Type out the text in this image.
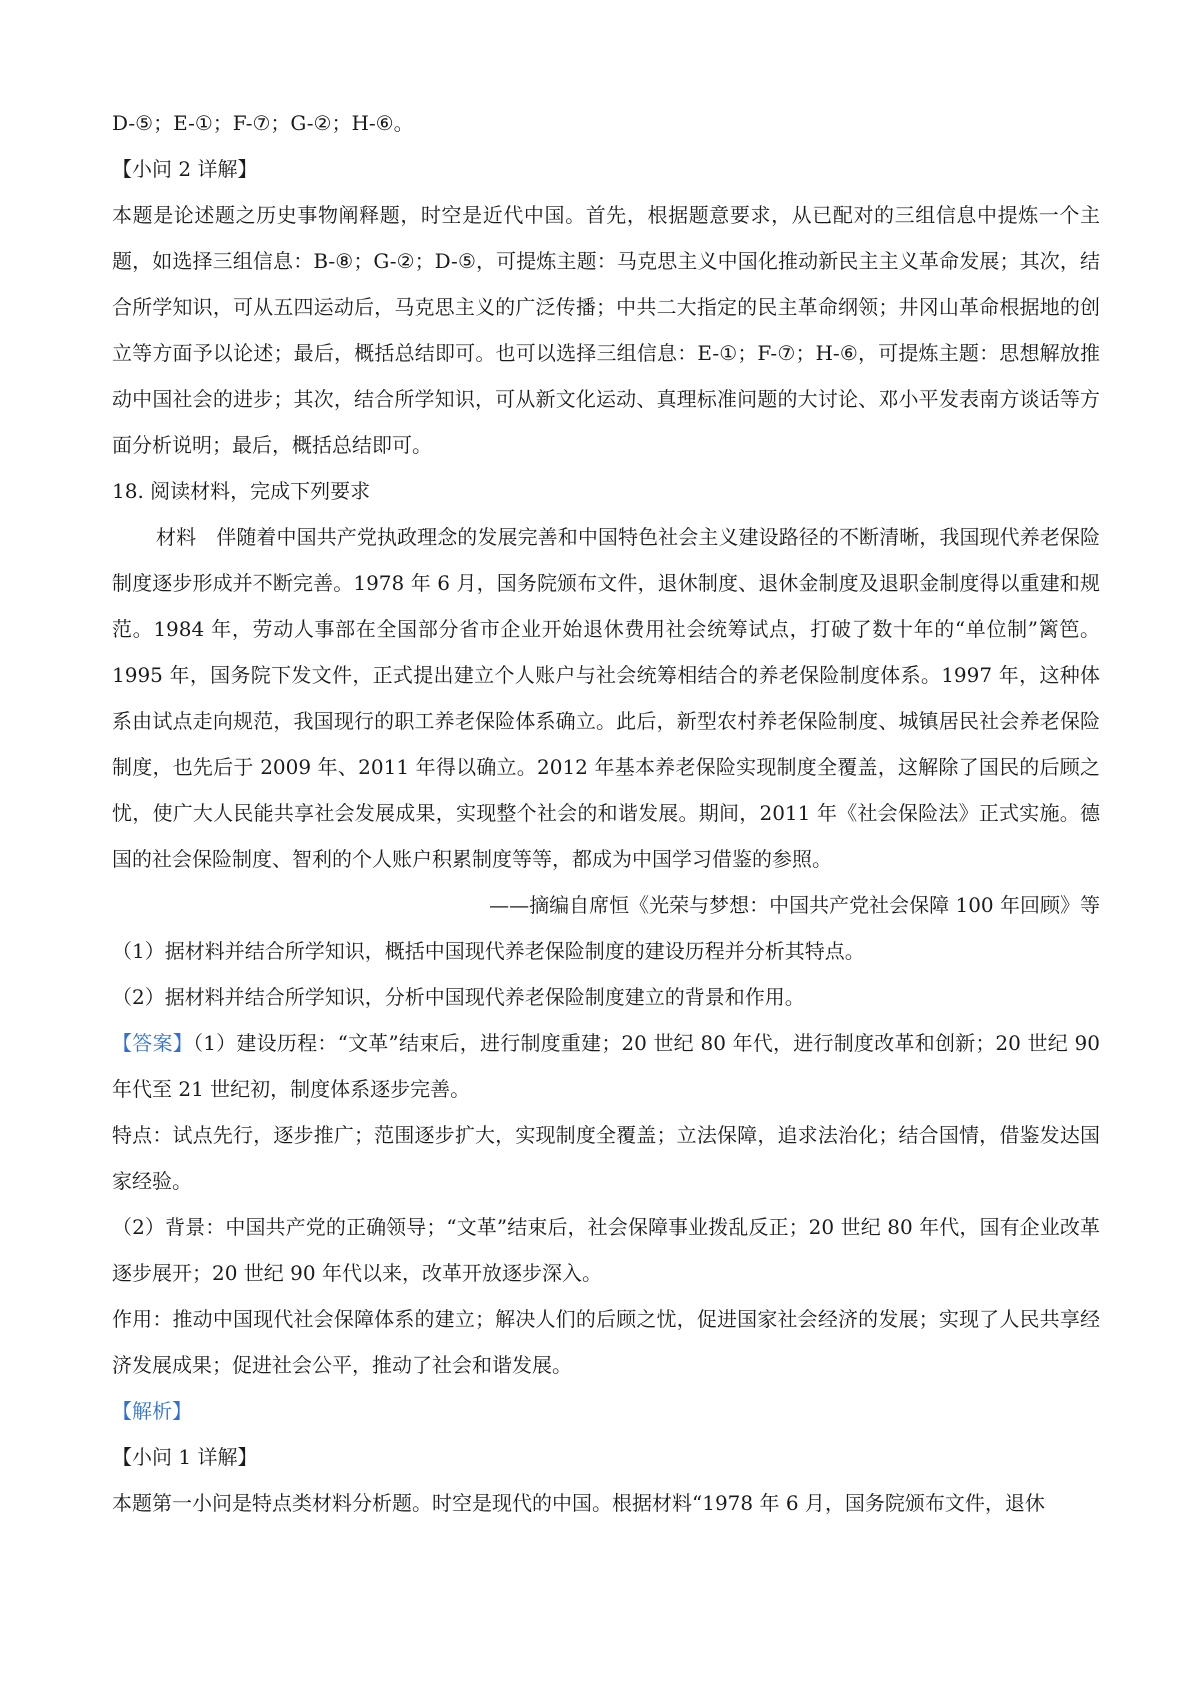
D-⑤；E-①；F-⑦；G-②；H-⑥。

【小问 2 详解】

本题是论述题之历史事物阐释题，时空是近代中国。首先，根据题意要求，从已配对的三组信息中提炼一个主题，如选择三组信息：B-⑧；G-②；D-⑤，可提炼主题：马克思主义中国化推动新民主主义革命发展；其次，结合所学知识，可从五四运动后，马克思主义的广泛传播；中共二大指定的民主革命纲领；井冈山革命根据地的创立等方面予以论述；最后，概括总结即可。也可以选择三组信息：E-①；F-⑦；H-⑥，可提炼主题：思想解放推动中国社会的进步；其次，结合所学知识，可从新文化运动、真理标准问题的大讨论、邓小平发表南方谈话等方面分析说明；最后，概括总结即可。

18. 阅读材料，完成下列要求

材料　伴随着中国共产党执政理念的发展完善和中国特色社会主义建设路径的不断清晰，我国现代养老保险制度逐步形成并不断完善。1978 年 6 月，国务院颁布文件，退休制度、退休金制度及退职金制度得以重建和规范。1984 年，劳动人事部在全国部分省市企业开始退休费用社会统筹试点，打破了数十年的“单位制”篱笆。1995 年，国务院下发文件，正式提出建立个人账户与社会统筹相结合的养老保险制度体系。1997 年，这种体系由试点走向规范，我国现行的职工养老保险体系确立。此后，新型农村养老保险制度、城镇居民社会养老保险制度，也先后于 2009 年、2011 年得以确立。2012 年基本养老保险实现制度全覆盖，这解除了国民的后顾之忧，使广大人民能共享社会发展成果，实现整个社会的和谐发展。期间，2011 年《社会保险法》正式实施。德国的社会保险制度、智利的个人账户积累制度等等，都成为中国学习借鉴的参照。

——摘编自席恒《光荣与梦想：中国共产党社会保障 100 年回顾》等

（1）据材料并结合所学知识，概括中国现代养老保险制度的建设历程并分析其特点。

（2）据材料并结合所学知识，分析中国现代养老保险制度建立的背景和作用。

【答案】（1）建设历程：“文革”结束后，进行制度重建；20 世纪 80 年代，进行制度改革和创新；20 世纪 90 年代至 21 世纪初，制度体系逐步完善。

特点：试点先行，逐步推广；范围逐步扩大，实现制度全覆盖；立法保障，追求法治化；结合国情，借鉴发达国家经验。

（2）背景：中国共产党的正确领导；“文革”结束后，社会保障事业拨乱反正；20 世纪 80 年代，国有企业改革逐步展开；20 世纪 90 年代以来，改革开放逐步深入。

作用：推动中国现代社会保障体系的建立；解决人们的后顾之忧，促进国家社会经济的发展；实现了人民共享经济发展成果；促进社会公平，推动了社会和谐发展。

【解析】

【小问 1 详解】

本题第一小问是特点类材料分析题。时空是现代的中国。根据材料“1978 年 6 月，国务院颁布文件，退休
